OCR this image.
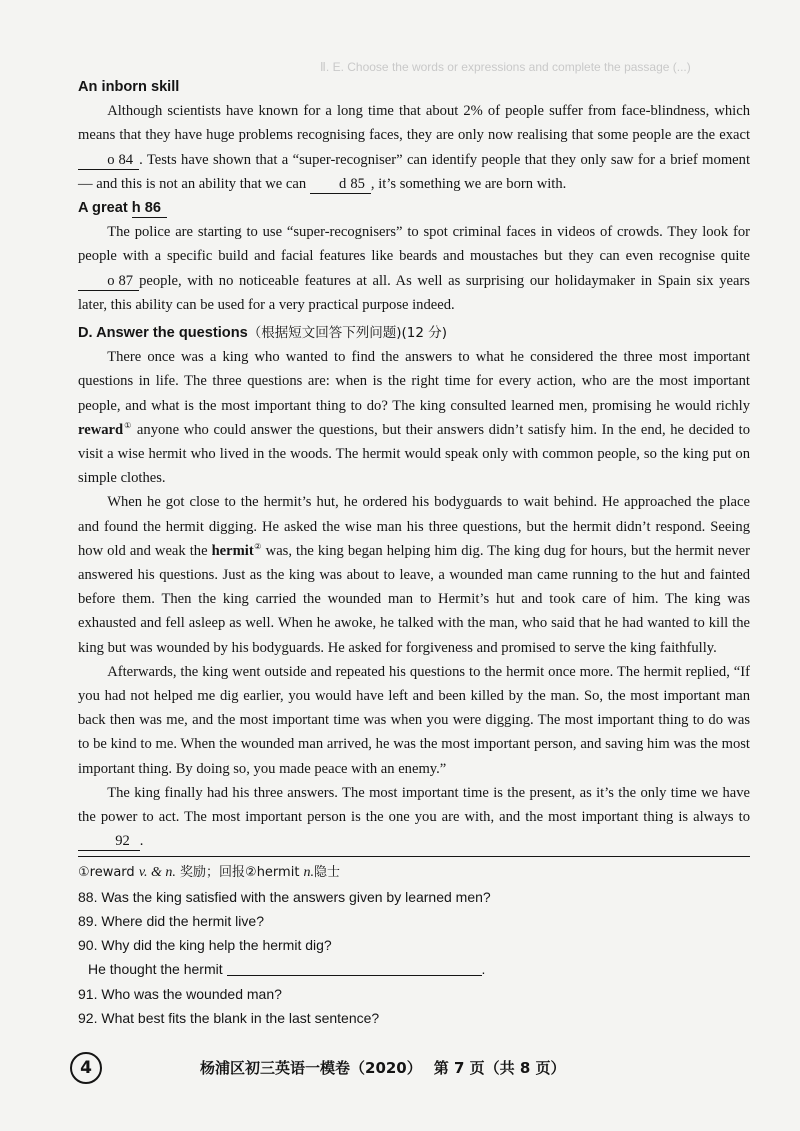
Ⅱ. E. Choose the words or expressions and complete the passage (...)
An inborn skill

Although scientists have known for a long time that about 2% of people suffer from face-blindness, which means that they have huge problems recognising faces, they are only now realising that some people are the exact o 84 . Tests have shown that a “super-recogniser” can identify people that they only saw for a brief moment— and this is not an ability that we can d 85 , it’s something we are born with.

A great h 86

The police are starting to use “super-recognisers” to spot criminal faces in videos of crowds. They look for people with a specific build and facial features like beards and moustaches but they can even recognise quite o 87 people, with no noticeable features at all. As well as surprising our holidaymaker in Spain six years later, this ability can be used for a very practical purpose indeed.

D. Answer the questions（根据短文回答下列问题)(12 分)

There once was a king who wanted to find the answers to what he considered the three most important questions in life. The three questions are: when is the right time for every action, who are the most important people, and what is the most important thing to do? The king consulted learned men, promising he would richly reward① anyone who could answer the questions, but their answers didn’t satisfy him. In the end, he decided to visit a wise hermit who lived in the woods. The hermit would speak only with common people, so the king put on simple clothes.

When he got close to the hermit’s hut, he ordered his bodyguards to wait behind. He approached the place and found the hermit digging. He asked the wise man his three questions, but the hermit didn’t respond. Seeing how old and weak the hermit② was, the king began helping him dig. The king dug for hours, but the hermit never answered his questions. Just as the king was about to leave, a wounded man came running to the hut and fainted before them. Then the king carried the wounded man to Hermit’s hut and took care of him. The king was exhausted and fell asleep as well. When he awoke, he talked with the man, who said that he had wanted to kill the king but was wounded by his bodyguards. He asked for forgiveness and promised to serve the king faithfully.

Afterwards, the king went outside and repeated his questions to the hermit once more. The hermit replied, “If you had not helped me dig earlier, you would have left and been killed by the man. So, the most important man back then was me, and the most important time was when you were digging. The most important thing to do was to be kind to me. When the wounded man arrived, he was the most important person, and saving him was the most important thing. By doing so, you made peace with an enemy.”

The king finally had his three answers. The most important time is the present, as it’s the only time we have the power to act. The most important person is the one you are with, and the most important thing is always to 92 .

①reward v. & n. 奖励；回报②hermit n.隐士

88. Was the king satisfied with the answers given by learned men?

89. Where did the hermit live?

90. Why did the king help the hermit dig?

He thought the hermit	.

91. Who was the wounded man?

92. What best fits the blank in the last sentence?

4	杨浦区初三英语一模卷（2020） 第 7 页（共 8 页）
